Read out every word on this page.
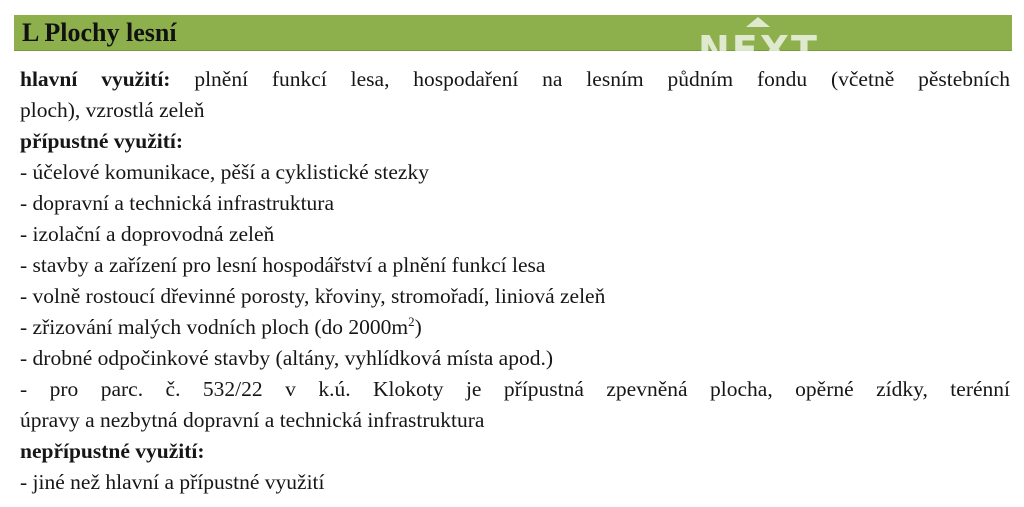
L Plochy lesní	NEXT
hlavní využití: plnění funkcí lesa, hospodaření na lesním půdním fondu (včetně pěstebních
ploch), vzrostlá zeleň
přípustné využití:
- účelové komunikace, pěší a cyklistické stezky
- dopravní a technická infrastruktura
- izolační a doprovodná zeleň
- stavby a zařízení pro lesní hospodářství a plnění funkcí lesa
- volně rostoucí dřevinné porosty, křoviny, stromořadí, liniová zeleň
- zřizování malých vodních ploch (do $2000m^2$)
- drobné odpočinkové stavby (altány, vyhlídková místa apod.)
- pro parc. č. 532/22 v k.ú. Klokoty je přípustná zpevněná plocha, opěrné zídky, terénní
úpravy a nezbytná dopravní a technická infrastruktura
nepřípustné využití:
- jiné než hlavní a přípustné využití
